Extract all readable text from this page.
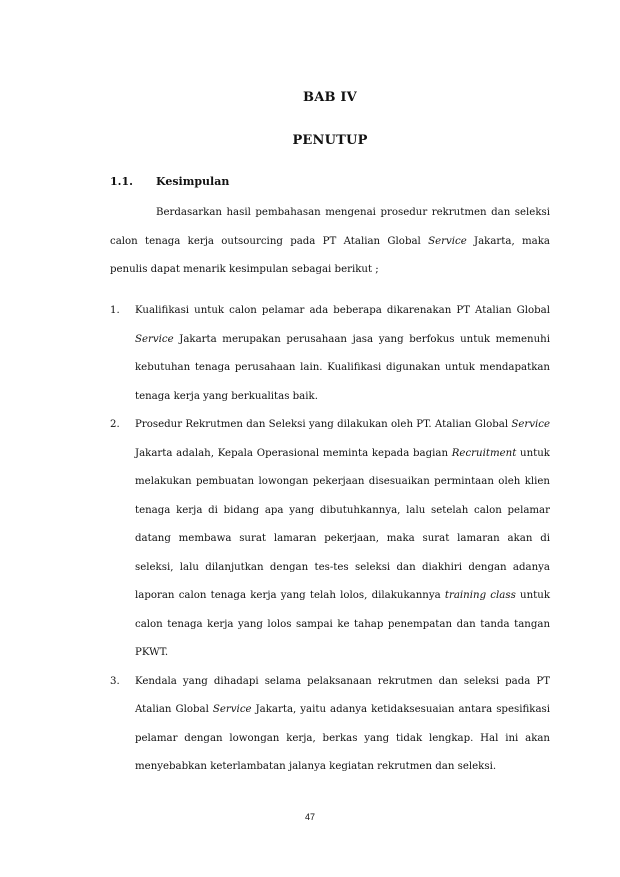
BAB IV
PENUTUP
1.1. Kesimpulan

Berdasarkan hasil pembahasan mengenai prosedur rekrutmen dan seleksi calon tenaga kerja outsourcing pada PT Atalian Global Service Jakarta, maka penulis dapat menarik kesimpulan sebagai berikut ;

1. Kualifikasi untuk calon pelamar ada beberapa dikarenakan PT Atalian Global Service Jakarta merupakan perusahaan jasa yang berfokus untuk memenuhi kebutuhan tenaga perusahaan lain. Kualifikasi digunakan untuk mendapatkan tenaga kerja yang berkualitas baik.
2. Prosedur Rekrutmen dan Seleksi yang dilakukan oleh PT. Atalian Global Service Jakarta adalah, Kepala Operasional meminta kepada bagian Recruitment untuk melakukan pembuatan lowongan pekerjaan disesuaikan permintaan oleh klien tenaga kerja di bidang apa yang dibutuhkannya, lalu setelah calon pelamar datang membawa surat lamaran pekerjaan, maka surat lamaran akan di seleksi, lalu dilanjutkan dengan tes-tes seleksi dan diakhiri dengan adanya laporan calon tenaga kerja yang telah lolos, dilakukannya training class untuk calon tenaga kerja yang lolos sampai ke tahap penempatan dan tanda tangan PKWT.
3. Kendala yang dihadapi selama pelaksanaan rekrutmen dan seleksi pada PT Atalian Global Service Jakarta, yaitu adanya ketidaksesuaian antara spesifikasi pelamar dengan lowongan kerja, berkas yang tidak lengkap. Hal ini akan menyebabkan keterlambatan jalanya kegiatan rekrutmen dan seleksi.
47
